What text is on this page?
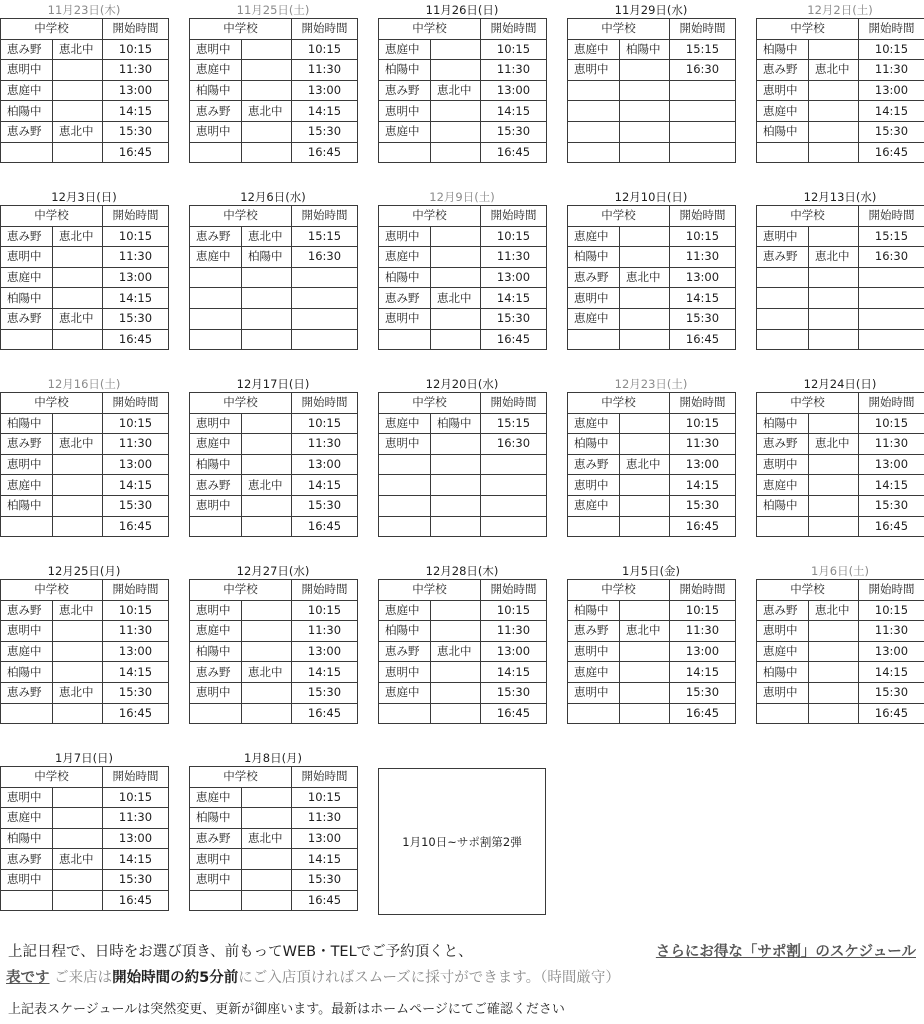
11月23日(木)
中学校		開始時間
恵み野	恵北中	10:15
恵明中		11:30
恵庭中		13:00
柏陽中		14:15
恵み野	恵北中	15:30
		16:45
11月25日(土)
中学校		開始時間
恵明中		10:15
恵庭中		11:30
柏陽中		13:00
恵み野	恵北中	14:15
恵明中		15:30
		16:45
11月26日(日)
中学校		開始時間
恵庭中		10:15
柏陽中		11:30
恵み野	恵北中	13:00
恵明中		14:15
恵庭中		15:30
		16:45
11月29日(水)
中学校		開始時間
恵庭中	柏陽中	15:15
恵明中		16:30

12月2日(土)
中学校		開始時間
柏陽中		10:15
恵み野	恵北中	11:30
恵明中		13:00
恵庭中		14:15
柏陽中		15:30
		16:45
12月3日(日)
中学校		開始時間
恵み野	恵北中	10:15
恵明中		11:30
恵庭中		13:00
柏陽中		14:15
恵み野	恵北中	15:30
		16:45
12月6日(水)
中学校		開始時間
恵み野	恵北中	15:15
恵庭中	柏陽中	16:30

12月9日(土)
中学校		開始時間
恵明中		10:15
恵庭中		11:30
柏陽中		13:00
恵み野	恵北中	14:15
恵明中		15:30
		16:45
12月10日(日)
中学校		開始時間
恵庭中		10:15
柏陽中		11:30
恵み野	恵北中	13:00
恵明中		14:15
恵庭中		15:30
		16:45
12月13日(水)
中学校		開始時間
恵明中		15:15
恵み野	恵北中	16:30

12月16日(土)
中学校		開始時間
柏陽中		10:15
恵み野	恵北中	11:30
恵明中		13:00
恵庭中		14:15
柏陽中		15:30
		16:45
12月17日(日)
中学校		開始時間
恵明中		10:15
恵庭中		11:30
柏陽中		13:00
恵み野	恵北中	14:15
恵明中		15:30
		16:45
12月20日(水)
中学校		開始時間
恵庭中	柏陽中	15:15
恵明中		16:30

12月23日(土)
中学校		開始時間
恵庭中		10:15
柏陽中		11:30
恵み野	恵北中	13:00
恵明中		14:15
恵庭中		15:30
		16:45
12月24日(日)
中学校		開始時間
柏陽中		10:15
恵み野	恵北中	11:30
恵明中		13:00
恵庭中		14:15
柏陽中		15:30
		16:45
12月25日(月)
中学校		開始時間
恵み野	恵北中	10:15
恵明中		11:30
恵庭中		13:00
柏陽中		14:15
恵み野	恵北中	15:30
		16:45
12月27日(水)
中学校		開始時間
恵明中		10:15
恵庭中		11:30
柏陽中		13:00
恵み野	恵北中	14:15
恵明中		15:30
		16:45
12月28日(木)
中学校		開始時間
恵庭中		10:15
柏陽中		11:30
恵み野	恵北中	13:00
恵明中		14:15
恵庭中		15:30
		16:45
1月5日(金)
中学校		開始時間
柏陽中		10:15
恵み野	恵北中	11:30
恵明中		13:00
恵庭中		14:15
恵明中		15:30
		16:45
1月6日(土)
中学校		開始時間
恵み野	恵北中	10:15
恵明中		11:30
恵庭中		13:00
柏陽中		14:15
恵明中		15:30
		16:45
1月7日(日)
中学校		開始時間
恵明中		10:15
恵庭中		11:30
柏陽中		13:00
恵み野	恵北中	14:15
恵明中		15:30
		16:45
1月8日(月)
中学校		開始時間
恵庭中		10:15
柏陽中		11:30
恵み野	恵北中	13:00
恵明中		14:15
恵明中		15:30
		16:45
1月10日~サポ割第2弾
上記日程で、日時をお選び頂き、前もってWEB・TELでご予約頂くと、	さらにお得な「サポ割」のスケジュール
表です ご来店は開始時間の約5分前にご入店頂ければスムーズに採寸ができます。（時間厳守）
上記表スケージュールは突然変更、更新が御座います。最新はホームページにてご確認ください
